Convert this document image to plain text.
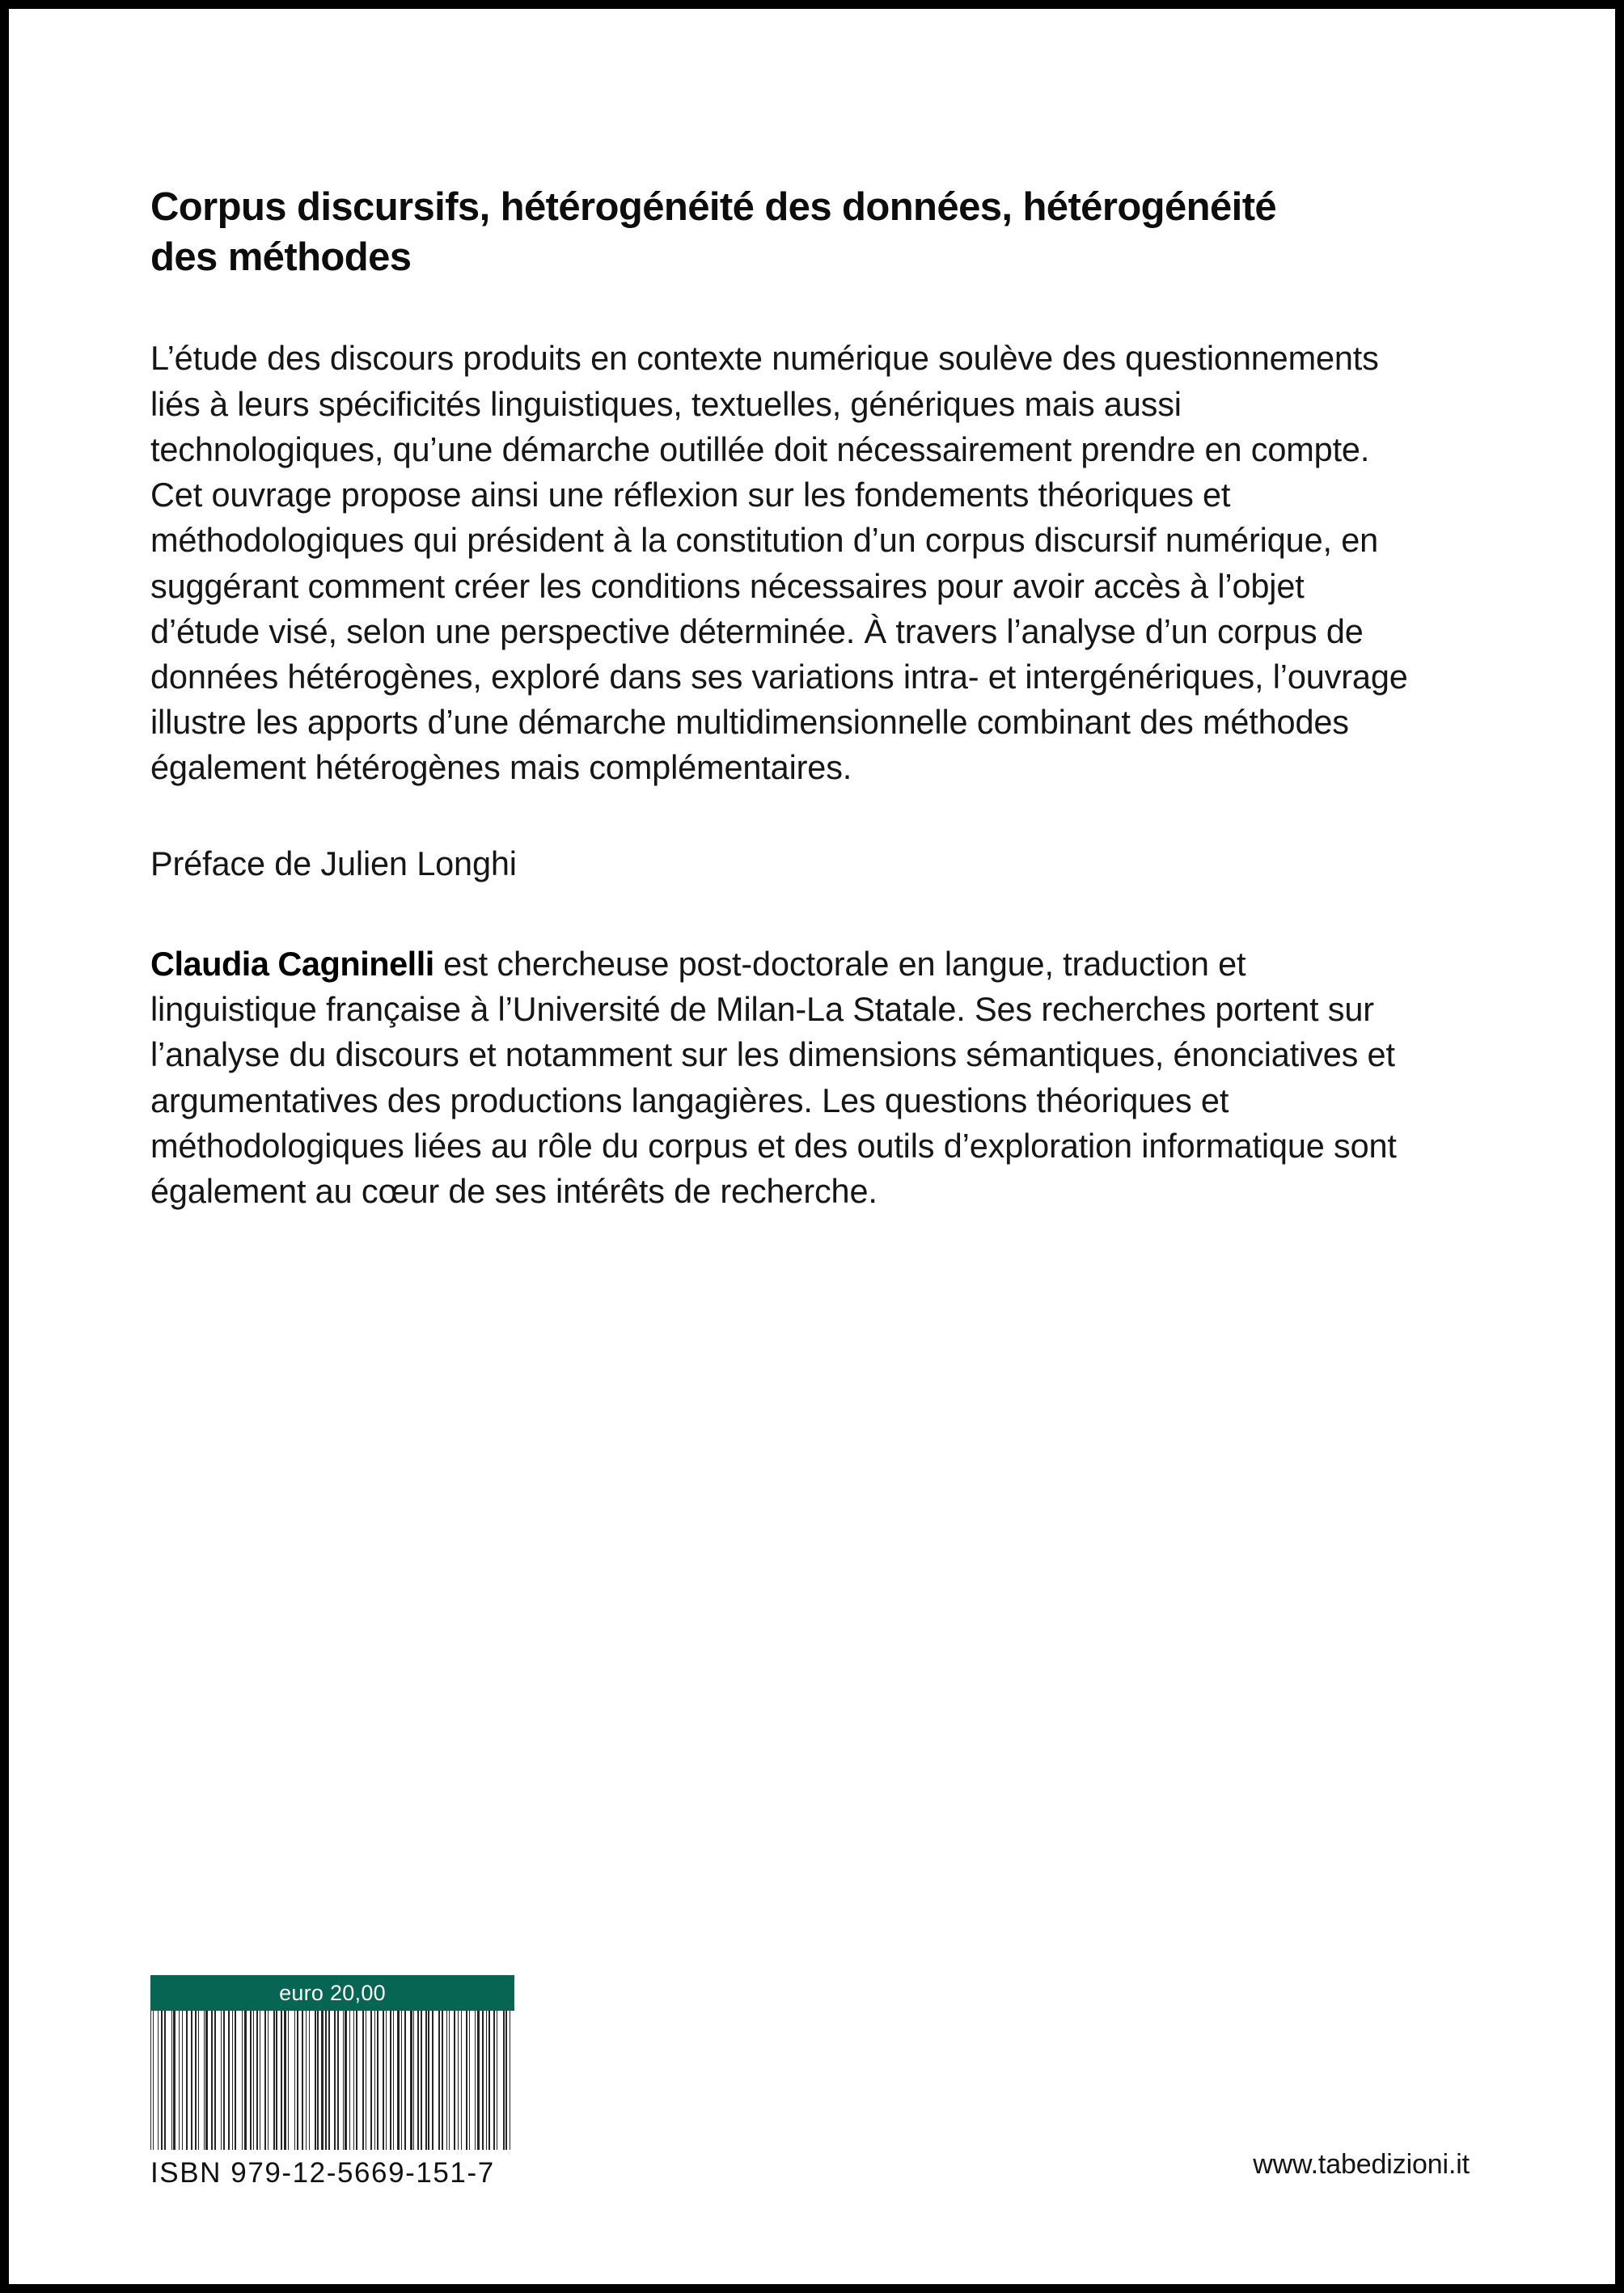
Corpus discursifs, hétérogénéité des données, hétérogénéité des méthodes

L’étude des discours produits en contexte numérique soulève des questionnements liés à leurs spécificités linguistiques, textuelles, génériques mais aussi technologiques, qu’une démarche outillée doit nécessairement prendre en compte. Cet ouvrage propose ainsi une réflexion sur les fondements théoriques et méthodologiques qui président à la constitution d’un corpus discursif numérique, en suggérant comment créer les conditions nécessaires pour avoir accès à l’objet d’étude visé, selon une perspective déterminée. À travers l’analyse d’un corpus de données hétérogènes, exploré dans ses variations intra- et intergénériques, l’ouvrage illustre les apports d’une démarche multidimensionnelle combinant des méthodes également hétérogènes mais complémentaires.

Préface de Julien Longhi

Claudia Cagninelli est chercheuse post-doctorale en langue, traduction et linguistique française à l’Université de Milan-La Statale. Ses recherches portent sur l’analyse du discours et notamment sur les dimensions sémantiques, énonciatives et argumentatives des productions langagières. Les questions théoriques et méthodologiques liées au rôle du corpus et des outils d’exploration informatique sont également au cœur de ses intérêts de recherche.

euro 20,00
ISBN 979-12-5669-151-7	www.tabedizioni.it
